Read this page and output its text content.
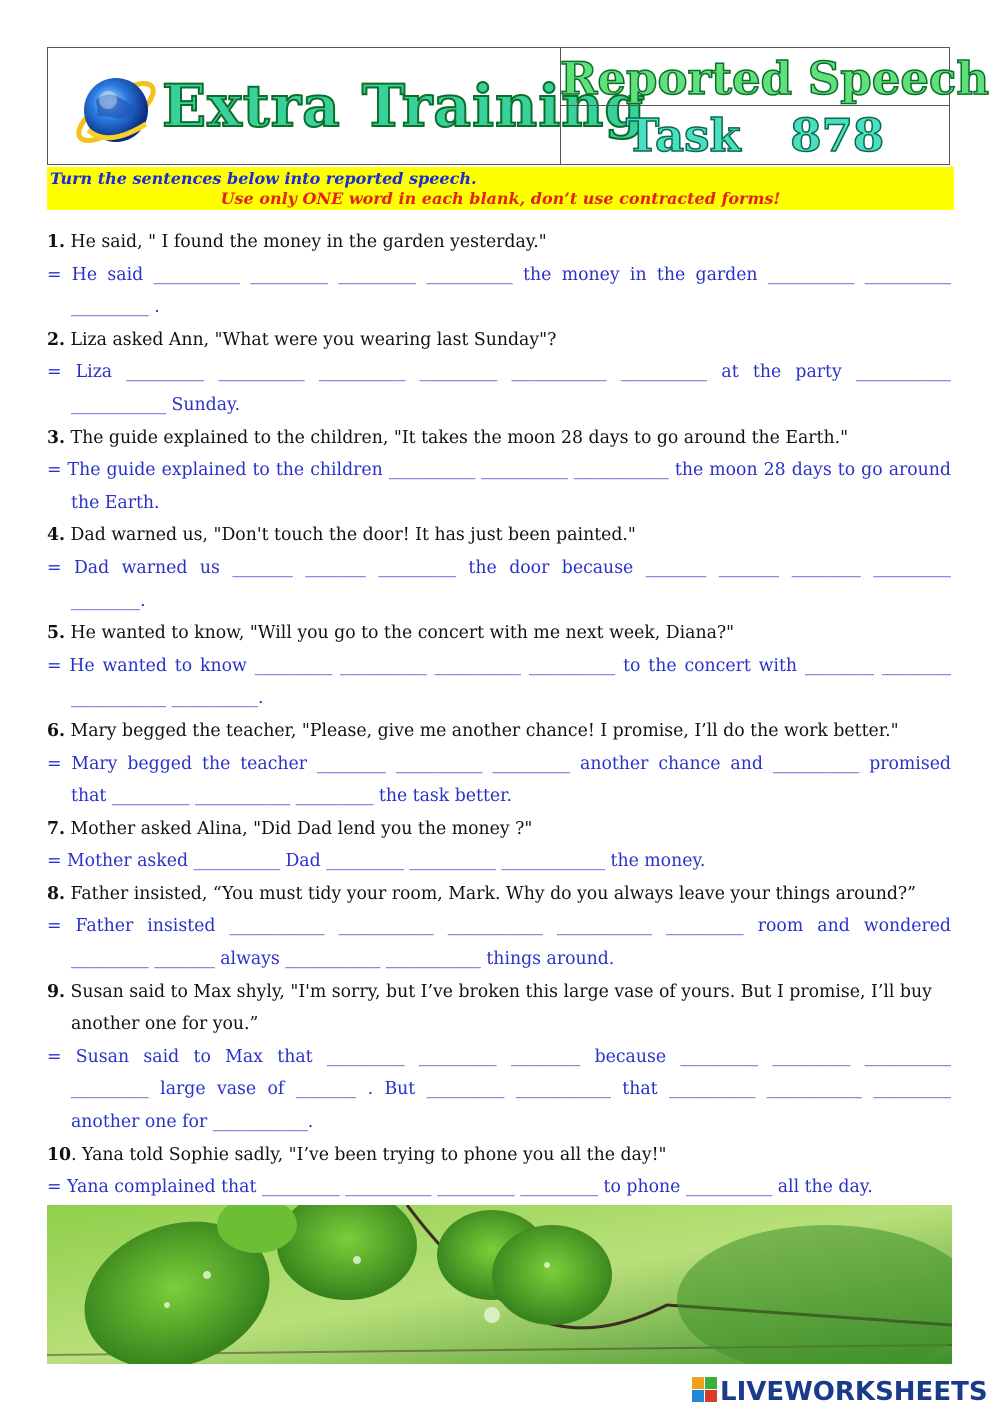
Extra Training
Reported Speech
Task 878
Turn the sentences below into reported speech.
Use only ONE word in each blank, don’t use contracted forms!

1. He said, " I found the money in the garden yesterday."

= He said __________ _________ _________ __________ the money in the garden __________ __________

_________ .

2. Liza asked Ann, "What were you wearing last Sunday"?

= Liza _________ __________ __________ _________ ___________ __________ at the party ___________

___________ Sunday.

3. The guide explained to the children, "It takes the moon 28 days to go around the Earth."

= The guide explained to the children __________ __________ ___________ the moon 28 days to go around

the Earth.

4. Dad warned us, "Don't touch the door! It has just been painted."

= Dad warned us _______ _______ _________ the door because _______ _______ ________ _________

________.

5. He wanted to know, "Will you go to the concert with me next week, Diana?"

= He wanted to know _________ __________ __________ __________ to the concert with ________ ________

___________ __________.

6. Mary begged the teacher, "Please, give me another chance! I promise, I’ll do the work better."

= Mary begged the teacher ________ __________ _________ another chance and __________ promised

that _________ ___________ _________ the task better.

7. Mother asked Alina, "Did Dad lend you the money ?"

= Mother asked __________ Dad _________ __________ ____________ the money.

8. Father insisted, “You must tidy your room, Mark. Why do you always leave your things around?”

= Father insisted ___________ ___________ ___________ ___________ _________ room and wondered

_________ _______ always ___________ ___________ things around.

9. Susan said to Max shyly, "I'm sorry, but I’ve broken this large vase of yours. But I promise, I’ll buy another one for you.”

= Susan said to Max that _________ _________ ________ because _________ _________ __________

_________ large vase of _______ . But _________ ___________ that __________ ___________ _________

another one for ___________.

10. Yana told Sophie sadly, "I’ve been trying to phone you all the day!"

= Yana complained that _________ __________ _________ _________ to phone __________ all the day.

LIVEWORKSHEETS
